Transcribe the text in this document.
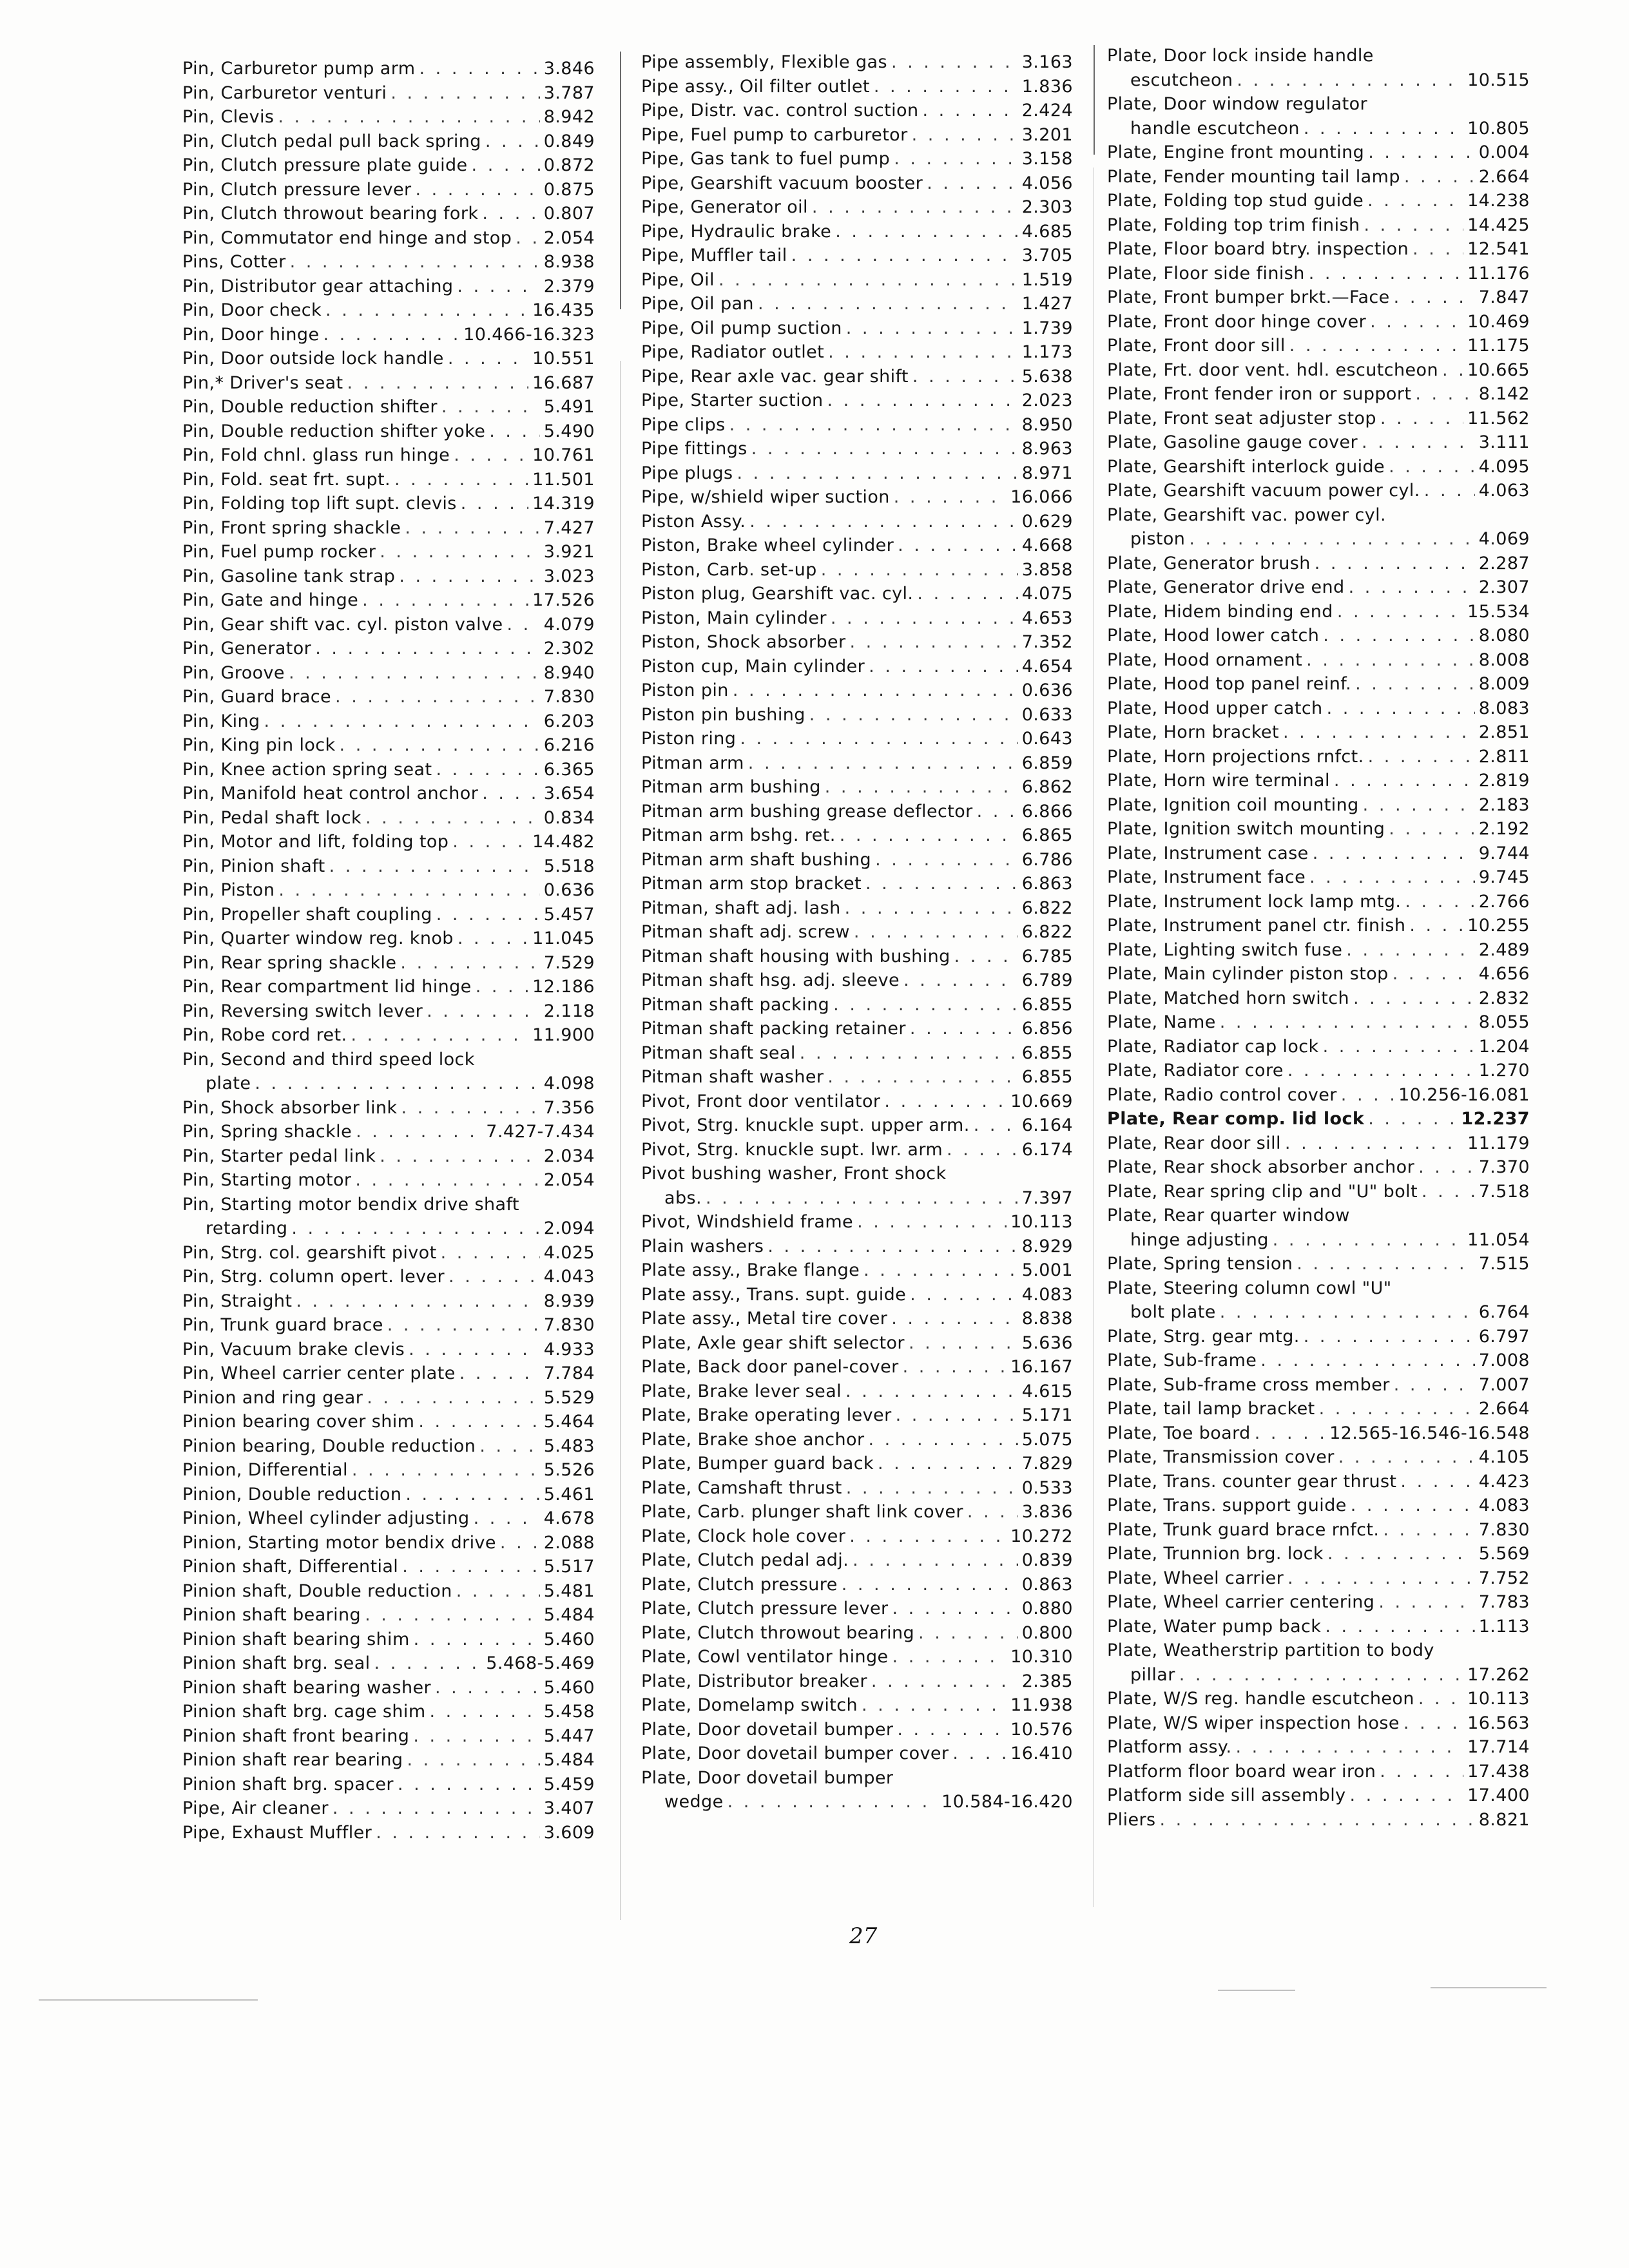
Pin, Carburetor pump arm . . .	3.846
Pin, Carburetor venturi . . .	3.787
Pin, Clevis . . .	8.942
Pin, Clutch pedal pull back spring . . .	0.849
Pin, Clutch pressure plate guide . . .	0.872
Pin, Clutch pressure lever . . .	0.875
Pin, Clutch throwout bearing fork . . .	0.807
Pin, Commutator end hinge and stop . . . 2.054
Pins, Cotter . . .	8.938
Pin, Distributor gear attaching . . .	2.379
Pin, Door check . . .	16.435
Pin, Door hinge . . .	10.466-16.323
Pin, Door outside lock handle . . .	10.551
Pin,* Driver's seat . . .	16.687
Pin, Double reduction shifter . . .	5.491
Pin, Double reduction shifter yoke . . .	5.490
Pin, Fold chnl. glass run hinge . . .	10.761
Pin, Fold. seat frt. supt. . . .	11.501
Pin, Folding top lift supt. clevis . . .	14.319
Pin, Front spring shackle . . .	7.427
Pin, Fuel pump rocker . . .	3.921
Pin, Gasoline tank strap . . .	3.023
Pin, Gate and hinge . . .	17.526
Pin, Gear shift vac. cyl. piston valve . . . 4.079
Pin, Generator . . .	2.302
Pin, Groove . . .	8.940
Pin, Guard brace . . .	7.830
Pin, King . . .	6.203
Pin, King pin lock . . .	6.216
Pin, Knee action spring seat . . .	6.365
Pin, Manifold heat control anchor . . .	3.654
Pin, Pedal shaft lock . . .	0.834
Pin, Motor and lift, folding top . . .	14.482
Pin, Pinion shaft . . .	5.518
Pin, Piston . . .	0.636
Pin, Propeller shaft coupling . . .	5.457
Pin, Quarter window reg. knob . . .	11.045
Pin, Rear spring shackle . . .	7.529
Pin, Rear compartment lid hinge . . .	12.186
Pin, Reversing switch lever . . .	2.118
Pin, Robe cord ret. . . .	11.900
Pin, Second and third speed lock
plate . . .	4.098
Pin, Shock absorber link . . .	7.356
Pin, Spring shackle . . .	7.427-7.434
Pin, Starter pedal link . . .	2.034
Pin, Starting motor . . .	2.054
Pin, Starting motor bendix drive shaft
retarding . . .	2.094
Pin, Strg. col. gearshift pivot . . .	4.025
Pin, Strg. column opert. lever . . .	4.043
Pin, Straight . . .	8.939
Pin, Trunk guard brace . . .	7.830
Pin, Vacuum brake clevis . . .	4.933
Pin, Wheel carrier center plate . . .	7.784
Pinion and ring gear . . .	5.529
Pinion bearing cover shim . . .	5.464
Pinion bearing, Double reduction . . .	5.483
Pinion, Differential . . .	5.526
Pinion, Double reduction . . .	5.461
Pinion, Wheel cylinder adjusting . . .	4.678
Pinion, Starting motor bendix drive . . .	2.088
Pinion shaft, Differential . . .	5.517
Pinion shaft, Double reduction . . .	5.481
Pinion shaft bearing . . .	5.484
Pinion shaft bearing shim . . .	5.460
Pinion shaft brg. seal . . .	5.468-5.469
Pinion shaft bearing washer . . .	5.460
Pinion shaft brg. cage shim . . .	5.458
Pinion shaft front bearing . . .	5.447
Pinion shaft rear bearing . . .	5.484
Pinion shaft brg. spacer . . .	5.459
Pipe, Air cleaner . . .	3.407
Pipe, Exhaust Muffler . . .	3.609
Pipe assembly, Flexible gas . . .	3.163
Pipe assy., Oil filter outlet . . .	1.836
Pipe, Distr. vac. control suction . . .	2.424
Pipe, Fuel pump to carburetor . . .	3.201
Pipe, Gas tank to fuel pump . . .	3.158
Pipe, Gearshift vacuum booster . . .	4.056
Pipe, Generator oil . . .	2.303
Pipe, Hydraulic brake . . .	4.685
Pipe, Muffler tail . . .	3.705
Pipe, Oil . . .	1.519
Pipe, Oil pan . . .	1.427
Pipe, Oil pump suction . . .	1.739
Pipe, Radiator outlet . . .	1.173
Pipe, Rear axle vac. gear shift . . .	5.638
Pipe, Starter suction . . .	2.023
Pipe clips . . .	8.950
Pipe fittings . . .	8.963
Pipe plugs . . .	8.971
Pipe, w/shield wiper suction . . .	16.066
Piston Assy. . . .	0.629
Piston, Brake wheel cylinder . . .	4.668
Piston, Carb. set-up . . .	3.858
Piston plug, Gearshift vac. cyl. . . .	4.075
Piston, Main cylinder . . .	4.653
Piston, Shock absorber . . .	7.352
Piston cup, Main cylinder . . .	4.654
Piston pin . . .	0.636
Piston pin bushing . . .	0.633
Piston ring . . .	0.643
Pitman arm . . .	6.859
Pitman arm bushing . . .	6.862
Pitman arm bushing grease deflector . . .	6.866
Pitman arm bshg. ret. . . .	6.865
Pitman arm shaft bushing . . .	6.786
Pitman arm stop bracket . . .	6.863
Pitman, shaft adj. lash . . .	6.822
Pitman shaft adj. screw . . .	6.822
Pitman shaft housing with bushing . . .	6.785
Pitman shaft hsg. adj. sleeve . . .	6.789
Pitman shaft packing . . .	6.855
Pitman shaft packing retainer . . .	6.856
Pitman shaft seal . . .	6.855
Pitman shaft washer . . .	6.855
Pivot, Front door ventilator . . .	10.669
Pivot, Strg. knuckle supt. upper arm. . . .	6.164
Pivot, Strg. knuckle supt. lwr. arm . . .	6.174
Pivot bushing washer, Front shock
abs. . . .	7.397
Pivot, Windshield frame . . .	10.113
Plain washers . . .	8.929
Plate assy., Brake flange . . .	5.001
Plate assy., Trans. supt. guide . . .	4.083
Plate assy., Metal tire cover . . .	8.838
Plate, Axle gear shift selector . . .	5.636
Plate, Back door panel-cover . . .	16.167
Plate, Brake lever seal . . .	4.615
Plate, Brake operating lever . . .	5.171
Plate, Brake shoe anchor . . .	5.075
Plate, Bumper guard back . . .	7.829
Plate, Camshaft thrust . . .	0.533
Plate, Carb. plunger shaft link cover . . .	3.836
Plate, Clock hole cover . . .	10.272
Plate, Clutch pedal adj. . . .	0.839
Plate, Clutch pressure . . .	0.863
Plate, Clutch pressure lever . . .	0.880
Plate, Clutch throwout bearing . . .	0.800
Plate, Cowl ventilator hinge . . .	10.310
Plate, Distributor breaker . . .	2.385
Plate, Domelamp switch . . .	11.938
Plate, Door dovetail bumper . . .	10.576
Plate, Door dovetail bumper cover . . .	16.410
Plate, Door dovetail bumper
wedge . . .	10.584-16.420
Plate, Door lock inside handle
escutcheon . . .	10.515
Plate, Door window regulator
handle escutcheon . . .	10.805
Plate, Engine front mounting . . .	0.004
Plate, Fender mounting tail lamp . . .	2.664
Plate, Folding top stud guide . . .	14.238
Plate, Folding top trim finish . . .	14.425
Plate, Floor board btry. inspection . . .	12.541
Plate, Floor side finish . . .	11.176
Plate, Front bumper brkt.—Face . . .	7.847
Plate, Front door hinge cover . . .	10.469
Plate, Front door sill . . .	11.175
Plate, Frt. door vent. hdl. escutcheon . . . 10.665
Plate, Front fender iron or support . . .	8.142
Plate, Front seat adjuster stop . . .	11.562
Plate, Gasoline gauge cover . . .	3.111
Plate, Gearshift interlock guide . . .	4.095
Plate, Gearshift vacuum power cyl. . . .	4.063
Plate, Gearshift vac. power cyl.
piston . . .	4.069
Plate, Generator brush . . .	2.287
Plate, Generator drive end . . .	2.307
Plate, Hidem binding end . . .	15.534
Plate, Hood lower catch . . .	8.080
Plate, Hood ornament . . .	8.008
Plate, Hood top panel reinf. . . .	8.009
Plate, Hood upper catch . . .	8.083
Plate, Horn bracket . . .	2.851
Plate, Horn projections rnfct. . . .	2.811
Plate, Horn wire terminal . . .	2.819
Plate, Ignition coil mounting . . .	2.183
Plate, Ignition switch mounting . . .	2.192
Plate, Instrument case . . .	9.744
Plate, Instrument face . . .	9.745
Plate, Instrument lock lamp mtg. . . .	2.766
Plate, Instrument panel ctr. finish . . .	10.255
Plate, Lighting switch fuse . . .	2.489
Plate, Main cylinder piston stop . . .	4.656
Plate, Matched horn switch . . .	2.832
Plate, Name . . .	8.055
Plate, Radiator cap lock . . .	1.204
Plate, Radiator core . . .	1.270
Plate, Radio control cover . . .	10.256-16.081
Plate, Rear comp. lid lock . . .	12.237
Plate, Rear door sill . . .	11.179
Plate, Rear shock absorber anchor . . .	7.370
Plate, Rear spring clip and "U" bolt . . .	7.518
Plate, Rear quarter window
hinge adjusting . . .	11.054
Plate, Spring tension . . .	7.515
Plate, Steering column cowl "U"
bolt plate . . .	6.764
Plate, Strg. gear mtg. . . .	6.797
Plate, Sub-frame . . .	7.008
Plate, Sub-frame cross member . . .	7.007
Plate, tail lamp bracket . . .	2.664
Plate, Toe board . . .	12.565-16.546-16.548
Plate, Transmission cover . . .	4.105
Plate, Trans. counter gear thrust . . .	4.423
Plate, Trans. support guide . . .	4.083
Plate, Trunk guard brace rnfct. . . .	7.830
Plate, Trunnion brg. lock . . .	5.569
Plate, Wheel carrier . . .	7.752
Plate, Wheel carrier centering . . .	7.783
Plate, Water pump back . . .	1.113
Plate, Weatherstrip partition to body
pillar . . .	17.262
Plate, W/S reg. handle escutcheon . . .	10.113
Plate, W/S wiper inspection hose . . .	16.563
Platform assy. . . .	17.714
Platform floor board wear iron . . .	17.438
Platform side sill assembly . . .	17.400
Pliers . . .	8.821
27
